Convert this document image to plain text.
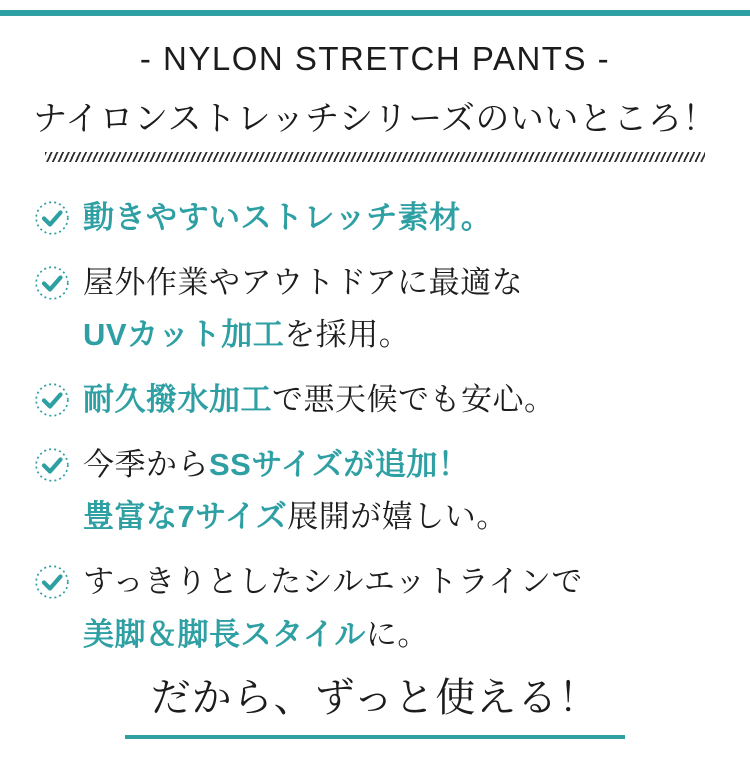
- NYLON STRETCH PANTS -
ナイロンストレッチシリーズのいいところ！
動きやすいストレッチ素材。
屋外作業やアウトドアに最適な
UVカット加工を採用。
耐久撥水加工で悪天候でも安心。
今季からSSサイズが追加！
豊富な7サイズ展開が嬉しい。
すっきりとしたシルエットラインで
美脚＆脚長スタイルに。
だから、ずっと使える！
